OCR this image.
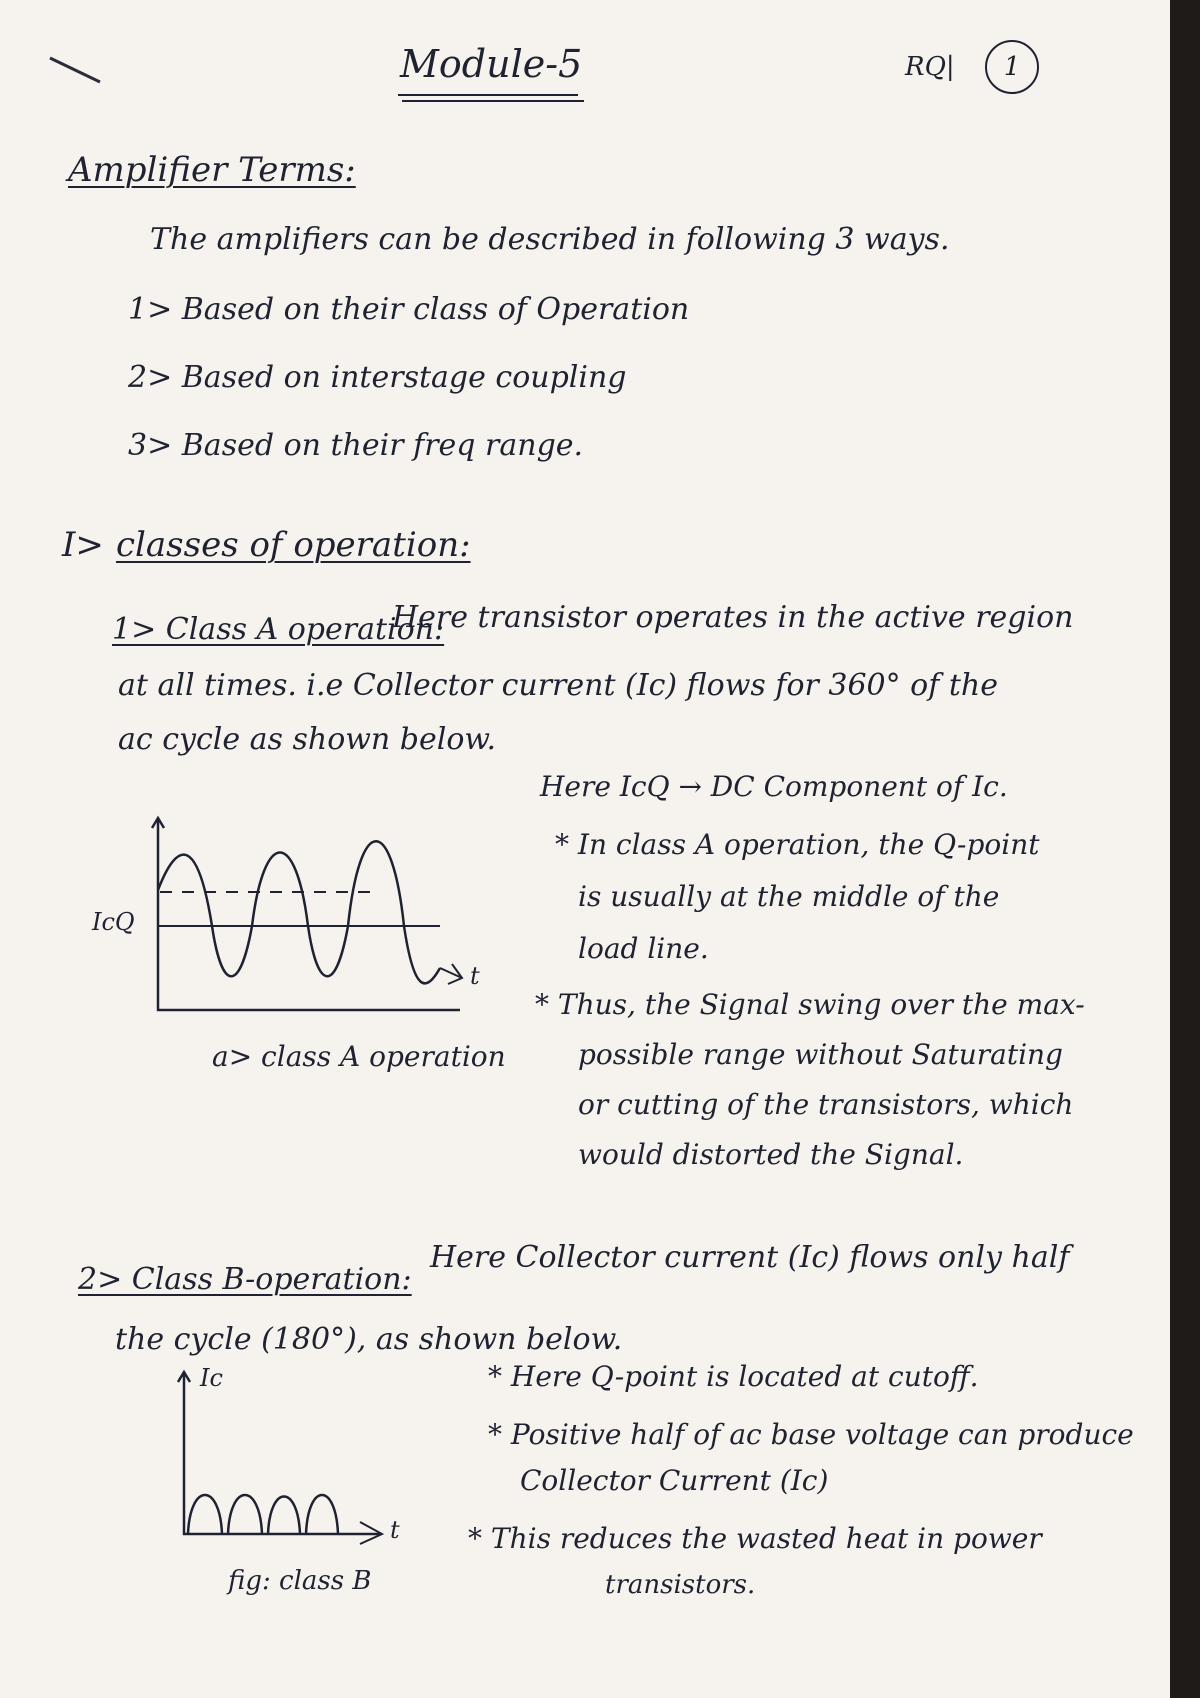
Module-5	RQ|	1
Amplifier Terms:
The amplifiers can be described in following 3 ways.
1> Based on their class of Operation
2> Based on interstage coupling
3> Based on their freq range.
I> classes of operation:
1> Class A operation:
Here transistor operates in the active region
at all times. i.e Collector current (Ic) flows for 360° of the
ac cycle as shown below.
Here IcQ → DC Component of Ic.
IcQ
t
a> class A operation
* In class A operation, the Q-point
is usually at the middle of the
load line.
* Thus, the Signal swing over the max-
possible range without Saturating
or cutting of the transistors, which
would distorted the Signal.
2> Class B-operation:
Here Collector current (Ic) flows only half
the cycle (180°), as shown below.
Ic
t
fig: class B
* Here Q-point is located at cutoff.
* Positive half of ac base voltage can produce
Collector Current (Ic)
* This reduces the wasted heat in power
transistors.
